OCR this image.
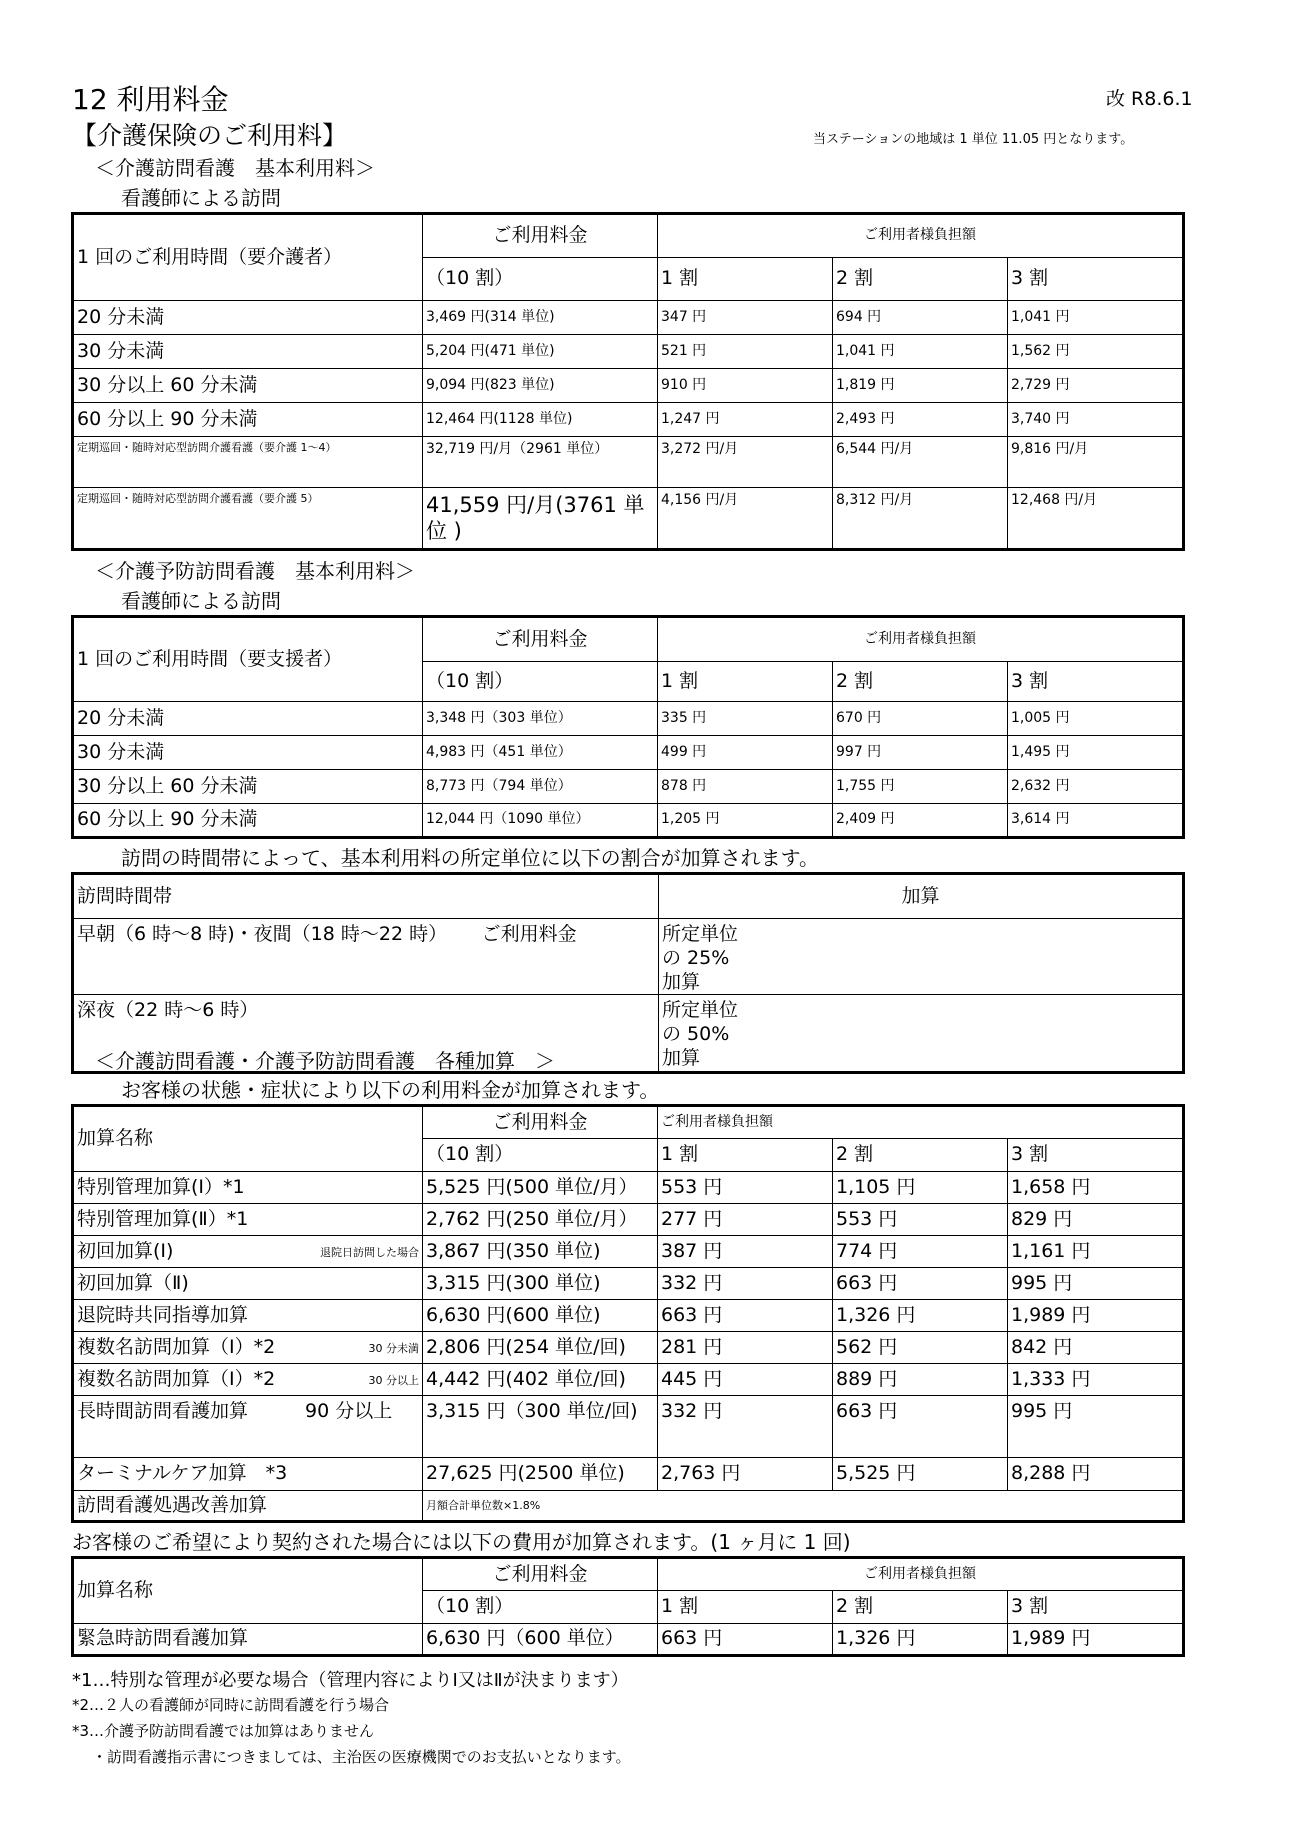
12 利用料金	改 R8.6.1
【介護保険のご利用料】	当ステーションの地域は 1 単位 11.05 円となります。
＜介護訪問看護　基本利用料＞
看護師による訪問
1 回のご利用時間（要介護者）	ご利用料金	ご利用者様負担額		
	（10 割）	1 割	2 割	3 割
20 分未満	3,469 円(314 単位)	347 円	694 円	1,041 円
30 分未満	5,204 円(471 単位)	521 円	1,041 円	1,562 円
30 分以上 60 分未満	9,094 円(823 単位)	910 円	1,819 円	2,729 円
60 分以上 90 分未満	12,464 円(1128 単位)	1,247 円	2,493 円	3,740 円
定期巡回・随時対応型訪問介護看護（要介護 1～4）	32,719 円/月（2961 単位）	3,272 円/月	6,544 円/月	9,816 円/月
定期巡回・随時対応型訪問介護看護（要介護 5）	41,559 円/月(3761 単位 )	4,156 円/月	8,312 円/月	12,468 円/月
＜介護予防訪問看護　基本利用料＞
看護師による訪問
1 回のご利用時間（要支援者）	ご利用料金	ご利用者様負担額		
	（10 割）	1 割	2 割	3 割
20 分未満	3,348 円（303 単位）	335 円	670 円	1,005 円
30 分未満	4,983 円（451 単位）	499 円	997 円	1,495 円
30 分以上 60 分未満	8,773 円（794 単位）	878 円	1,755 円	2,632 円
60 分以上 90 分未満	12,044 円（1090 単位）	1,205 円	2,409 円	3,614 円
訪問の時間帯によって、基本利用料の所定単位に以下の割合が加算されます。
訪問時間帯	加算
早朝（6 時～8 時)・夜間（18 時～22 時）　　 ご利用料金	所定単位の 25%加算
深夜（22 時～6 時）	所定単位の 50%加算
＜介護訪問看護・介護予防訪問看護　各種加算　＞
お客様の状態・症状により以下の利用料金が加算されます。
加算名称	ご利用料金	ご利用者様負担額		
	（10 割）	1 割	2 割	3 割
特別管理加算(Ⅰ）*1	5,525 円(500 単位/月）	553 円	1,105 円	1,658 円
特別管理加算(Ⅱ）*1	2,762 円(250 単位/月）	277 円	553 円	829 円
初回加算(Ⅰ) 退院日訪問した場合	3,867 円(350 単位)	387 円	774 円	1,161 円
初回加算（Ⅱ)	3,315 円(300 単位)	332 円	663 円	995 円
退院時共同指導加算	6,630 円(600 単位)	663 円	1,326 円	1,989 円
複数名訪問加算（Ⅰ）*2 30 分未満	2,806 円(254 単位/回)	281 円	562 円	842 円
複数名訪問加算（Ⅰ）*2 30 分以上	4,442 円(402 単位/回)	445 円	889 円	1,333 円
長時間訪問看護加算　　　90 分以上	3,315 円（300 単位/回)	332 円	663 円	995 円
ターミナルケア加算　*3	27,625 円(2500 単位)	2,763 円	5,525 円	8,288 円
訪問看護処遇改善加算	月額合計単位数×1.8%			
お客様のご希望により契約された場合には以下の費用が加算されます。(1 ヶ月に 1 回)
加算名称	ご利用料金	ご利用者様負担額		
	（10 割）	1 割	2 割	3 割
緊急時訪問看護加算	6,630 円（600 単位）	663 円	1,326 円	1,989 円
*1…特別な管理が必要な場合（管理内容によりⅠ又はⅡが決まります）
*2…２人の看護師が同時に訪問看護を行う場合
*3…介護予防訪問看護では加算はありません
・訪問看護指示書につきましては、主治医の医療機関でのお支払いとなります。
